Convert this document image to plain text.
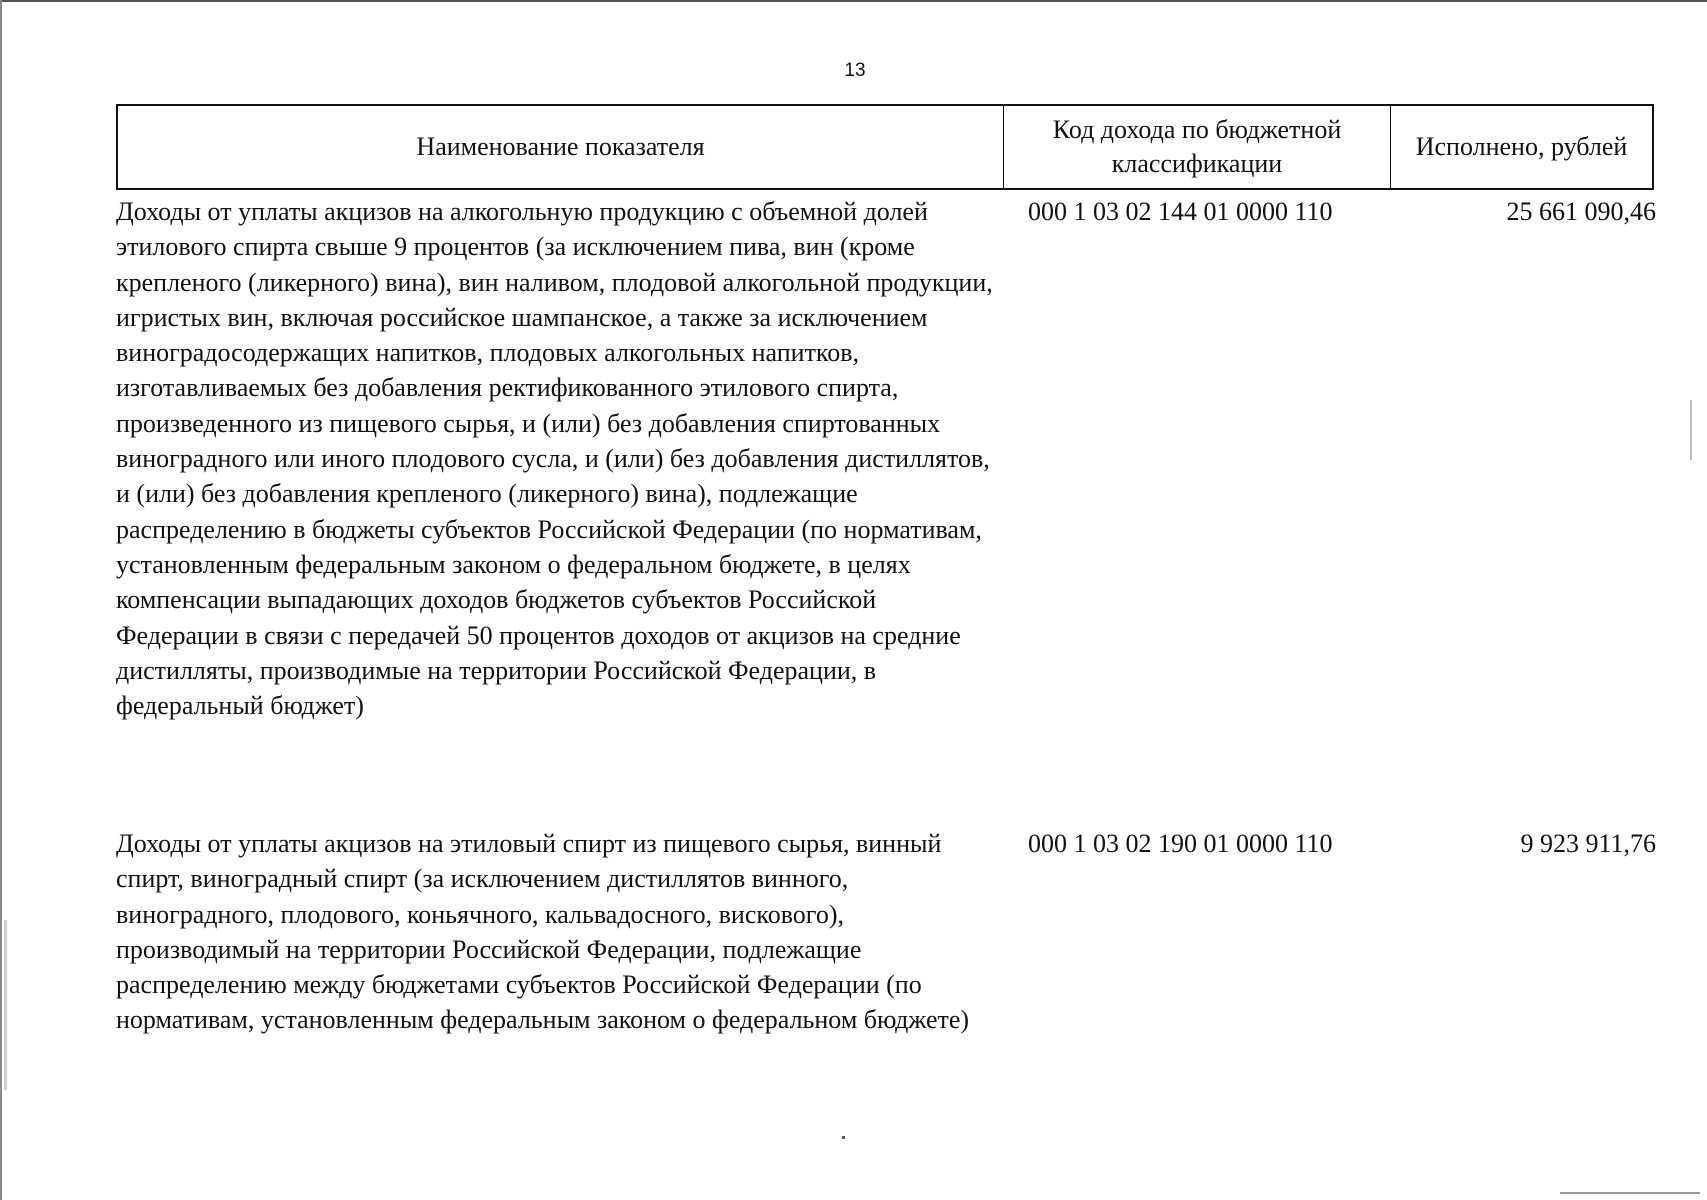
13
Наименование показателя
Код дохода по бюджетной классификации
Исполнено, рублей
Доходы от уплаты акцизов на алкогольную продукцию с объемной долей этилового спирта свыше 9 процентов (за исключением пива, вин (кроме крепленого (ликерного) вина), вин наливом, плодовой алкогольной продукции, игристых вин, включая российское шампанское, а также за исключением виноградосодержащих напитков, плодовых алкогольных напитков, изготавливаемых без добавления ректификованного этилового спирта, произведенного из пищевого сырья, и (или) без добавления спиртованных виноградного или иного плодового сусла, и (или) без добавления дистиллятов, и (или) без добавления крепленого (ликерного) вина), подлежащие распределению в бюджеты субъектов Российской Федерации (по нормативам, установленным федеральным законом о федеральном бюджете, в целях компенсации выпадающих доходов бюджетов субъектов Российской Федерации в связи с передачей 50 процентов доходов от акцизов на средние дистилляты, производимые на территории Российской Федерации, в федеральный бюджет)
000 1 03 02 144 01 0000 110	25 661 090,46
Доходы от уплаты акцизов на этиловый спирт из пищевого сырья, винный спирт, виноградный спирт (за исключением дистиллятов винного, виноградного, плодового, коньячного, кальвадосного, вискового), производимый на территории Российской Федерации, подлежащие распределению между бюджетами субъектов Российской Федерации (по нормативам, установленным федеральным законом о федеральном бюджете)
000 1 03 02 190 01 0000 110	9 923 911,76
